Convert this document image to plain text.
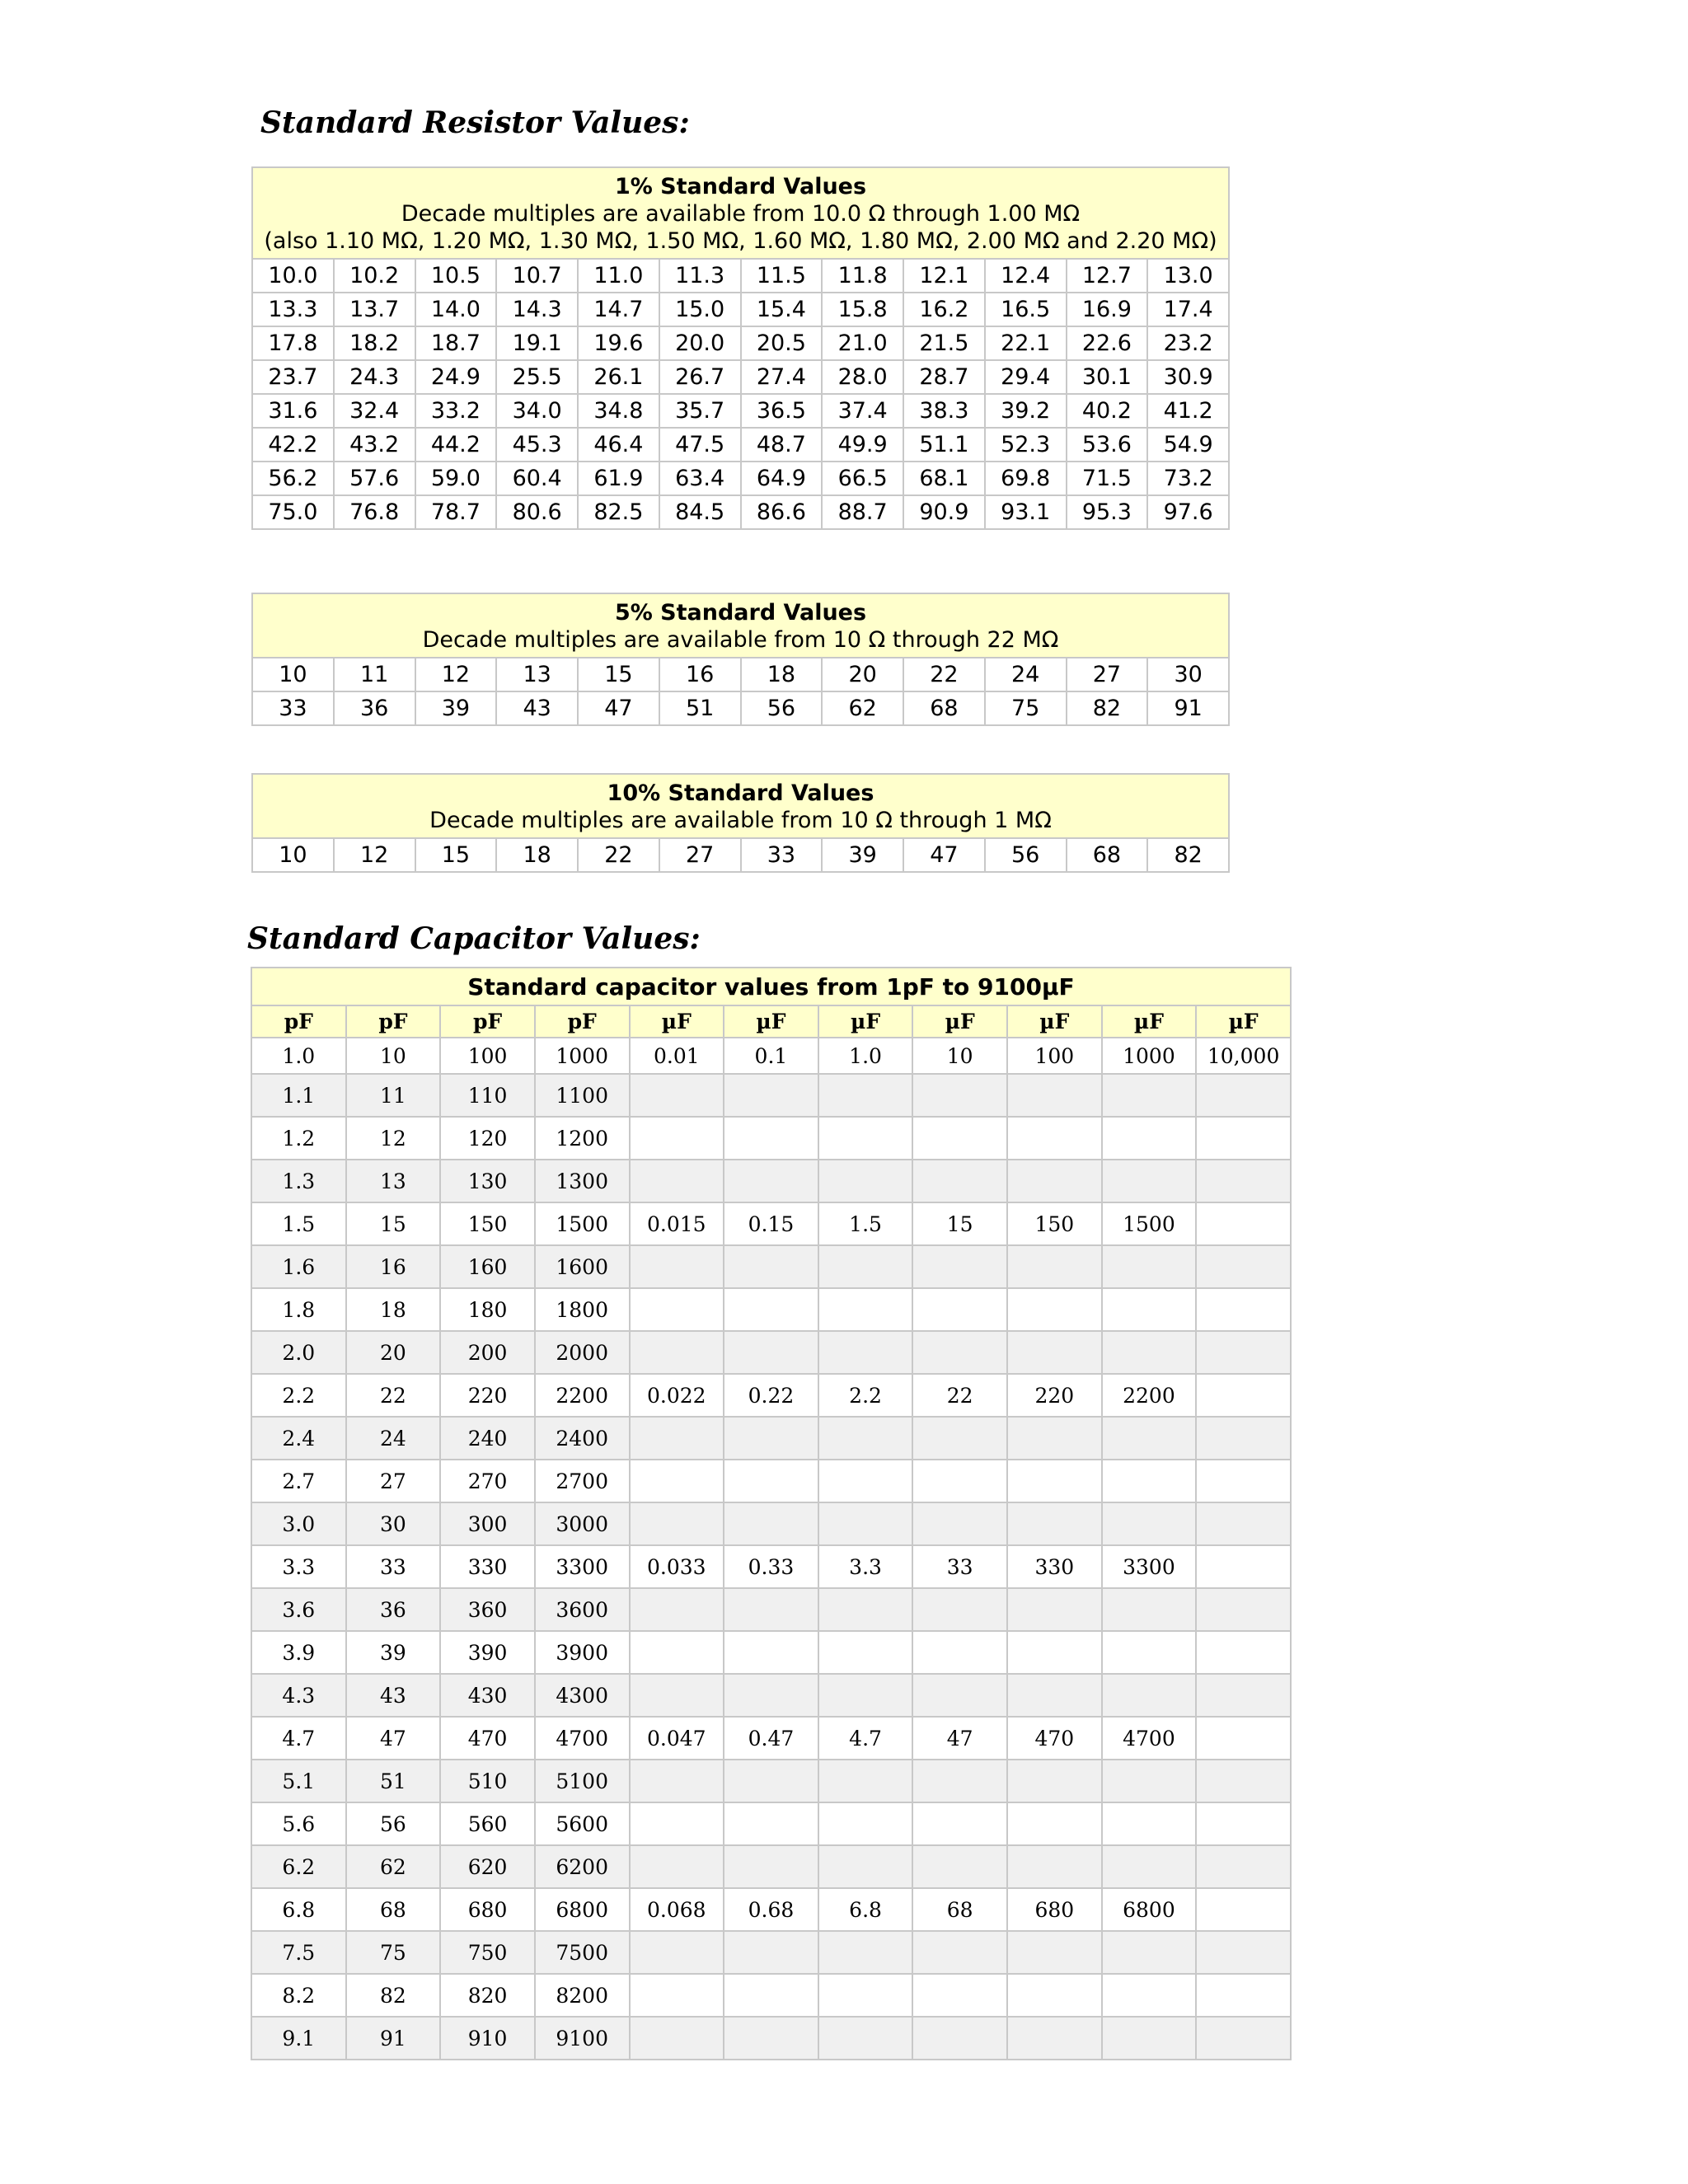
Standard Resistor Values:
1% Standard Values
Decade multiples are available from 10.0 Ω through 1.00 MΩ
(also 1.10 MΩ, 1.20 MΩ, 1.30 MΩ, 1.50 MΩ, 1.60 MΩ, 1.80 MΩ, 2.00 MΩ and 2.20 MΩ)											

10.0	10.2	10.5	10.7	11.0	11.3	11.5	11.8	12.1	12.4	12.7	13.0
13.3	13.7	14.0	14.3	14.7	15.0	15.4	15.8	16.2	16.5	16.9	17.4
17.8	18.2	18.7	19.1	19.6	20.0	20.5	21.0	21.5	22.1	22.6	23.2
23.7	24.3	24.9	25.5	26.1	26.7	27.4	28.0	28.7	29.4	30.1	30.9
31.6	32.4	33.2	34.0	34.8	35.7	36.5	37.4	38.3	39.2	40.2	41.2
42.2	43.2	44.2	45.3	46.4	47.5	48.7	49.9	51.1	52.3	53.6	54.9
56.2	57.6	59.0	60.4	61.9	63.4	64.9	66.5	68.1	69.8	71.5	73.2
75.0	76.8	78.7	80.6	82.5	84.5	86.6	88.7	90.9	93.1	95.3	97.6
5% Standard Values
Decade multiples are available from 10 Ω through 22 MΩ											

10	11	12	13	15	16	18	20	22	24	27	30
33	36	39	43	47	51	56	62	68	75	82	91
10% Standard Values
Decade multiples are available from 10 Ω through 1 MΩ

10	12	15	18	22	27	33	39	47	56	68	82
Standard Capacitor Values:
Standard capacitor values from 1pF to 9100µF										
pF	pF	pF	pF	µF	µF	µF	µF	µF	µF	µF
1.0	10	100	1000	0.01	0.1	1.0	10	100	1000	10,000
1.1	11	110	1100							
1.2	12	120	1200							
1.3	13	130	1300							
1.5	15	150	1500	0.015	0.15	1.5	15	150	1500	
1.6	16	160	1600							
1.8	18	180	1800							
2.0	20	200	2000							
2.2	22	220	2200	0.022	0.22	2.2	22	220	2200	
2.4	24	240	2400							
2.7	27	270	2700							
3.0	30	300	3000							
3.3	33	330	3300	0.033	0.33	3.3	33	330	3300	
3.6	36	360	3600							
3.9	39	390	3900							
4.3	43	430	4300							
4.7	47	470	4700	0.047	0.47	4.7	47	470	4700	
5.1	51	510	5100							
5.6	56	560	5600							
6.2	62	620	6200							
6.8	68	680	6800	0.068	0.68	6.8	68	680	6800	
7.5	75	750	7500							
8.2	82	820	8200							
9.1	91	910	9100							
